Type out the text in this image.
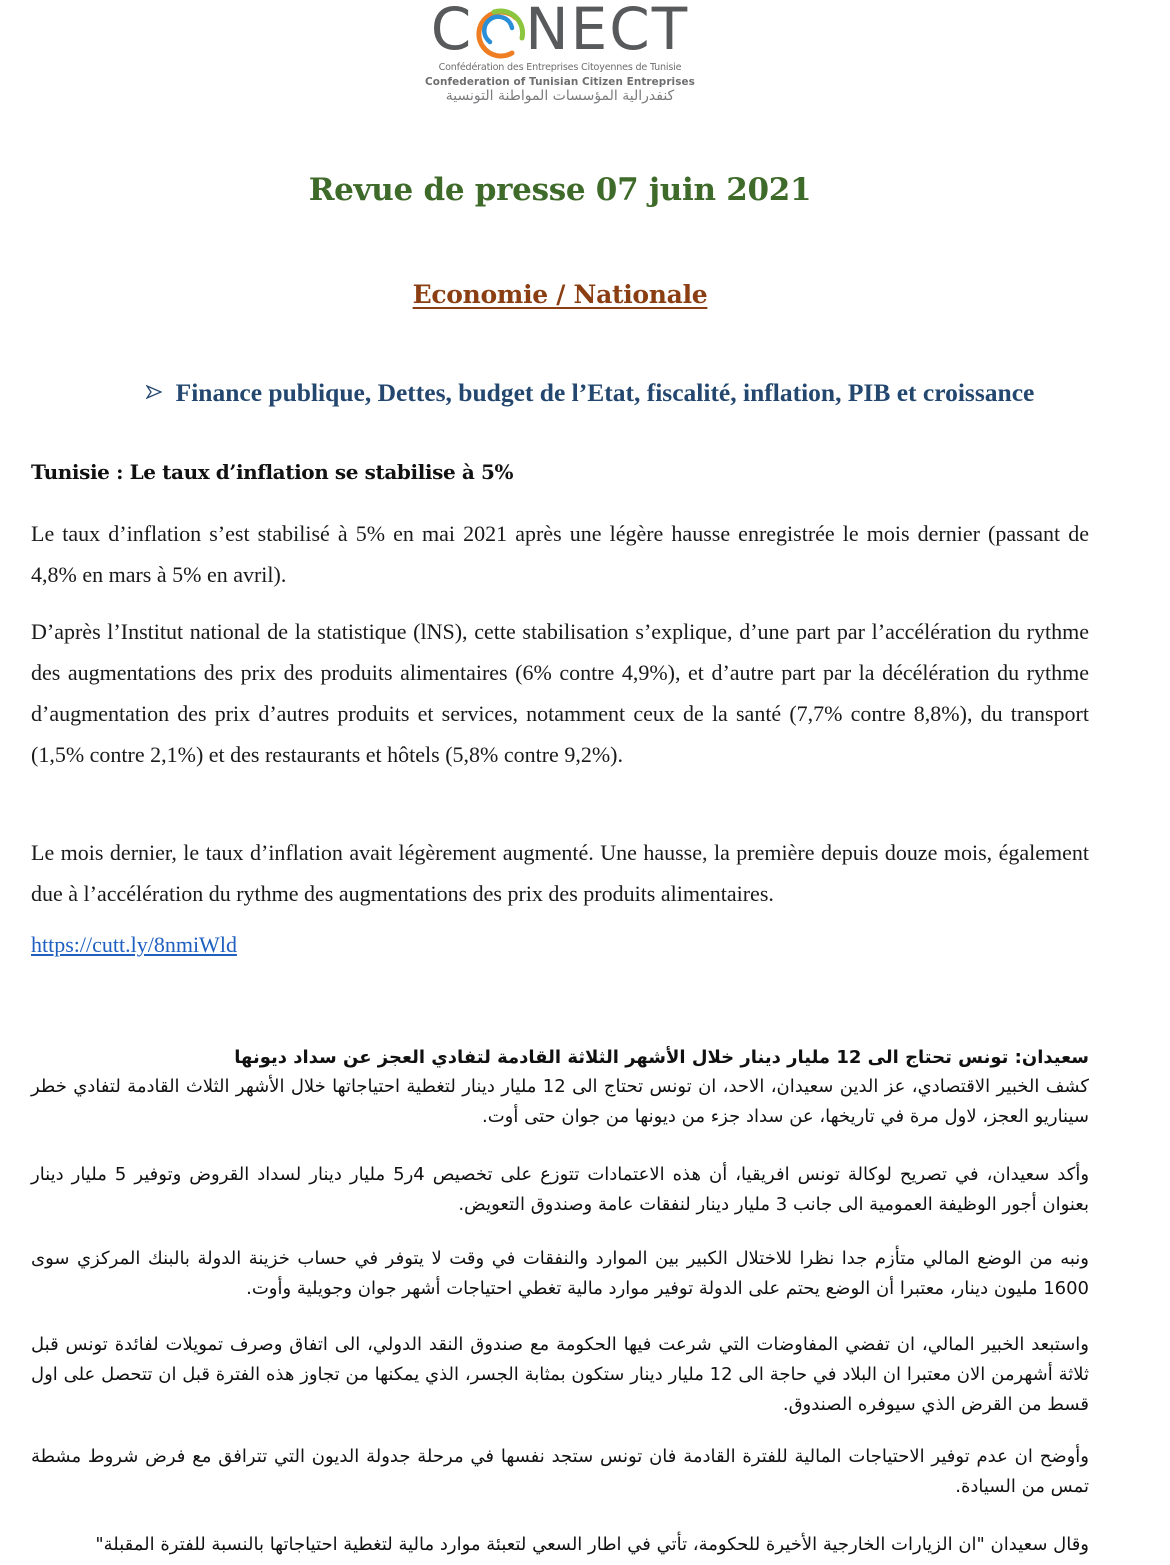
C NECT
Confédération des Entreprises Citoyennes de Tunisie
Confederation of Tunisian Citizen Entreprises
كنفدرالية المؤسسات المواطنة التونسية
Revue de presse 07 juin 2021
Economie / Nationale
Finance publique, Dettes, budget de l’Etat, fiscalité, inflation, PIB et croissance
Tunisie : Le taux d’inflation se stabilise à 5%
Le taux d’inflation s’est stabilisé à 5% en mai 2021 après une légère hausse enregistrée le mois dernier (passant de 4,8% en mars à 5% en avril).
D’après l’Institut national de la statistique (lNS), cette stabilisation s’explique, d’une part par l’accélération du rythme des augmentations des prix des produits alimentaires (6% contre 4,9%), et d’autre part par la décélération du rythme d’augmentation des prix d’autres produits et services, notamment ceux de la santé (7,7% contre 8,8%), du transport (1,5% contre 2,1%) et des restaurants et hôtels (5,8% contre 9,2%).
Le mois dernier, le taux d’inflation avait légèrement augmenté. Une hausse, la première depuis douze mois, également due à l’accélération du rythme des augmentations des prix des produits alimentaires.
https://cutt.ly/8nmiWld
سعيدان: تونس تحتاج الى 12 مليار دينار خلال الأشهر الثلاثة القادمة لتفادي العجز عن سداد ديونها
كشف الخبير الاقتصادي، عز الدين سعيدان، الاحد، ان تونس تحتاج الى 12 مليار دينار لتغطية احتياجاتها خلال الأشهر الثلاث القادمة لتفادي خطر سيناريو العجز، لاول مرة في تاريخها، عن سداد جزء من ديونها من جوان حتى أوت.
وأكد سعيدان، في تصريح لوكالة تونس افريقيا، أن هذه الاعتمادات تتوزع على تخصيص 4ر5 مليار دينار لسداد القروض وتوفير 5 مليار دينار بعنوان أجور الوظيفة العمومية الى جانب 3 مليار دينار لنفقات عامة وصندوق التعويض.
ونبه من الوضع المالي متأزم جدا نظرا للاختلال الكبير بين الموارد والنفقات في وقت لا يتوفر في حساب خزينة الدولة بالبنك المركزي سوى 1600 مليون دينار، معتبرا أن الوضع يحتم على الدولة توفير موارد مالية تغطي احتياجات أشهر جوان وجويلية وأوت.
واستبعد الخبير المالي، ان تفضي المفاوضات التي شرعت فيها الحكومة مع صندوق النقد الدولي، الى اتفاق وصرف تمويلات لفائدة تونس قبل ثلاثة أشهرمن الان معتبرا ان البلاد في حاجة الى 12 مليار دينار ستكون بمثابة الجسر، الذي يمكنها من تجاوز هذه الفترة قبل ان تتحصل على اول قسط من القرض الذي سيوفره الصندوق.
وأوضح ان عدم توفير الاحتياجات المالية للفترة القادمة فان تونس ستجد نفسها في مرحلة جدولة الديون التي تترافق مع فرض شروط مشطة تمس من السيادة.
وقال سعيدان "ان الزيارات الخارجية الأخيرة للحكومة، تأتي في اطار السعي لتعبئة موارد مالية لتغطية احتياجاتها بالنسبة للفترة المقبلة"
